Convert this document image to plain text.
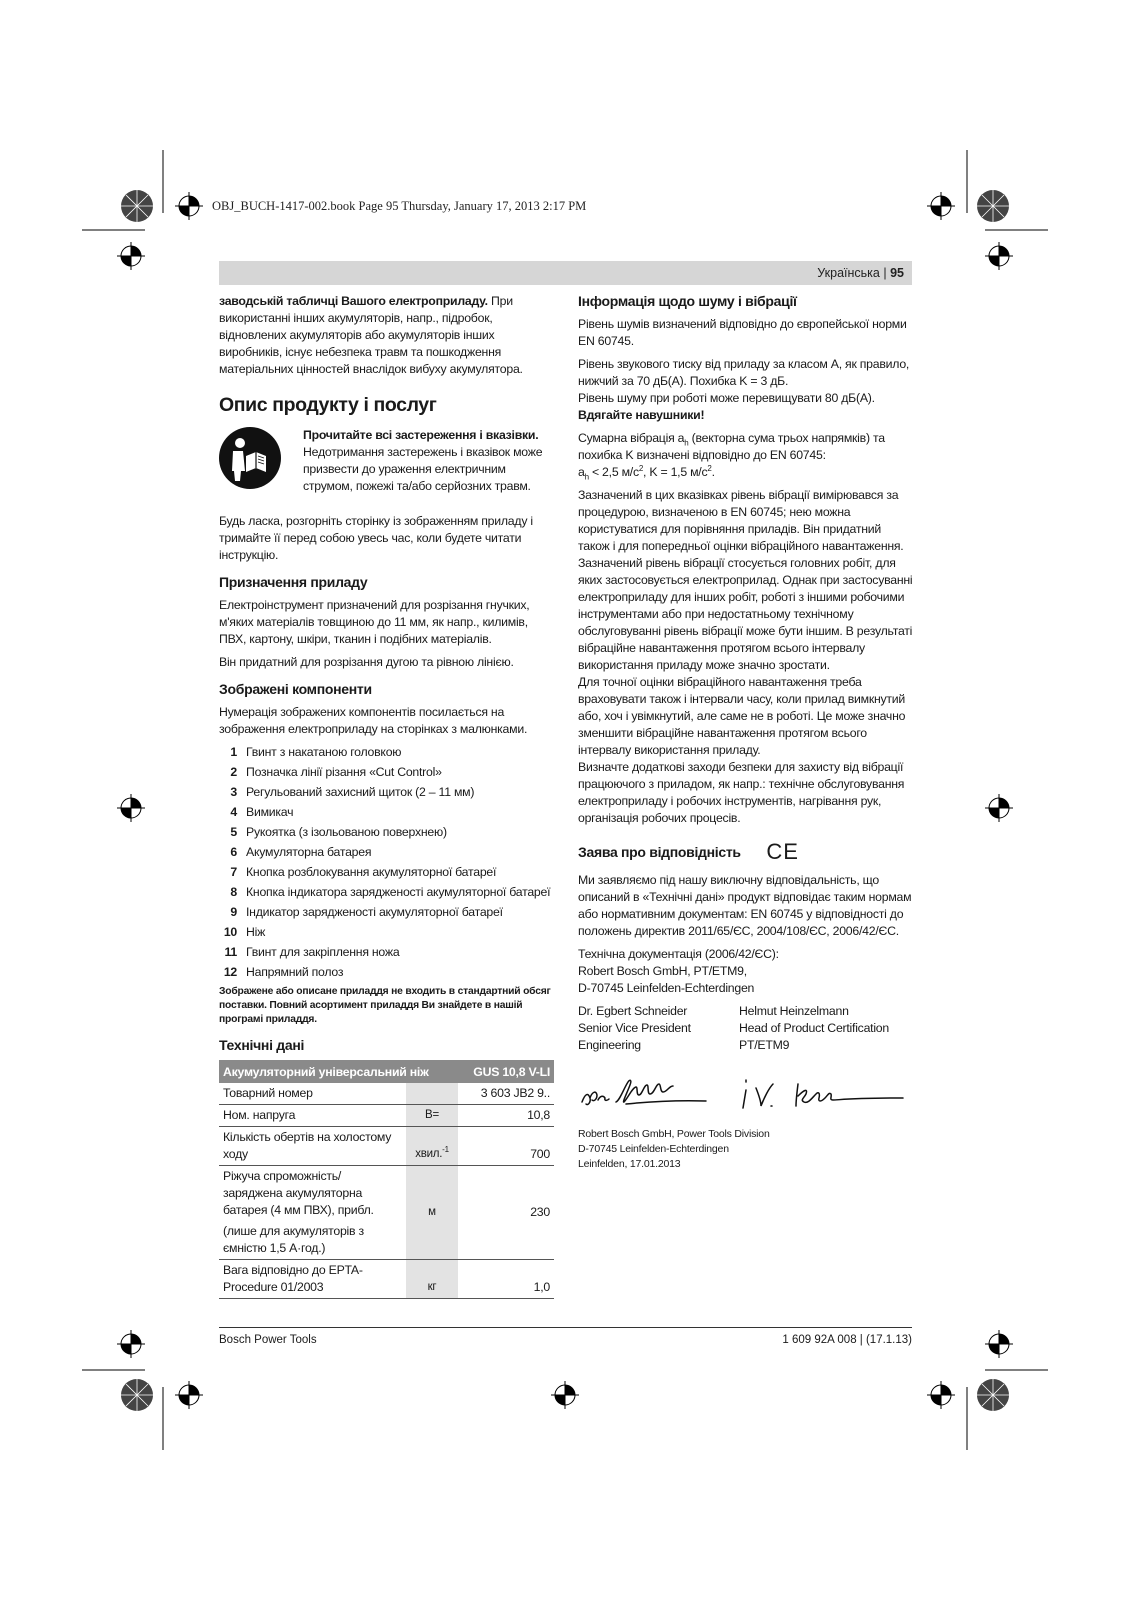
OBJ_BUCH-1417-002.book Page 95 Thursday, January 17, 2013 2:17 PM
Українська | 95

заводській табличці Вашого електроприладу. При використанні інших акумуляторів, напр., підробок, відновлених акумуляторів або акумуляторів інших виробників, існує небезпека травм та пошкодження матеріальних цінностей внаслідок вибуху акумулятора.

Опис продукту і послуг
Прочитайте всі застереження і вказівки. Недотримання застережень і вказівок може призвести до ураження електричним струмом, пожежі та/або серйозних травм.

Будь ласка, розгорніть сторінку із зображенням приладу і тримайте її перед собою увесь час, коли будете читати інструкцію.

Призначення приладу

Електроінструмент призначений для розрізання гнучких, м'яких матеріалів товщиною до 11 мм, як напр., килимів, ПВХ, картону, шкіри, тканин і подібних матеріалів.

Він придатний для розрізання дугою та рівною лінією.

Зображені компоненти

Нумерація зображених компонентів посилається на зображення електроприладу на сторінках з малюнками.

1 Гвинт з накатаною головкою
2 Позначка лінії різання «Cut Control»
3 Регульований захисний щиток (2 – 11 мм)
4 Вимикач
5 Рукоятка (з ізольованою поверхнею)
6 Акумуляторна батарея
7 Кнопка розблокування акумуляторної батареї
8 Кнопка індикатора зарядженості акумуляторної батареї
9 Індикатор зарядженості акумуляторної батареї
10 Ніж
11 Гвинт для закріплення ножа
12 Напрямний полоз
Зображене або описане приладдя не входить в стандартний обсяг поставки. Повний асортимент приладдя Ви знайдете в нашій програмі приладдя.
Технічні дані
Акумуляторний універсальний ніж		GUS 10,8 V-LI
Товарний номер		3 603 JB2 9..
Ном. напруга	В=	10,8
Кількість обертів на холостому ходу	хвил.$^{-1}$	700

Ріжуча спроможність/ заряджена акумуляторна батарея (4 мм ПВХ), прибл.
(лише для акумуляторів з ємністю 1,5 А·год.)	м	230
Вага відповідно до EPTA-Procedure 01/2003	кг	1,0
Інформація щодо шуму і вібрації

Рівень шумів визначений відповідно до європейської норми EN 60745.

Рівень звукового тиску від приладу за класом А, як правило, нижчий за 70 дБ(A). Похибка K = 3 дБ.
Рівень шуму при роботі може перевищувати 80 дБ(A).
Вдягайте навушники!
Сумарна вібрація $a_h$ (векторна сума трьох напрямків) та похибка K визначені відповідно до EN 60745:
$a_h < 2,5$ $м/с^2$, K = 1,5 $м/с^2$.
Зазначений в цих вказівках рівень вібрації вимірювався за процедурою, визначеною в EN 60745; нею можна користуватися для порівняння приладів. Він придатний також і для попередньої оцінки вібраційного навантаження.
Зазначений рівень вібрації стосується головних робіт, для яких застосовується електроприлад. Однак при застосуванні електроприладу для інших робіт, роботі з іншими робочими інструментами або при недостатньому технічному обслуговуванні рівень вібрації може бути іншим. В результаті вібраційне навантаження протягом всього інтервалу використання приладу може значно зростати.
Для точної оцінки вібраційного навантаження треба враховувати також і інтервали часу, коли прилад вимкнутий або, хоч і увімкнутий, але саме не в роботі. Це може значно зменшити вібраційне навантаження протягом всього інтервалу використання приладу.
Визначте додаткові заходи безпеки для захисту від вібрації працюючого з приладом, як напр.: технічне обслуговування електроприладу і робочих інструментів, нагрівання рук, організація робочих процесів.
Заява про відповідність CE

Ми заявляємо під нашу виключну відповідальність, що описаний в «Технічні дані» продукт відповідає таким нормам або нормативним документам: EN 60745 у відповідності до положень директив 2011/65/ЄС, 2004/108/ЄС, 2006/42/ЄС.

Технічна документація (2006/42/ЄС):
Robert Bosch GmbH, PT/ETM9,
D-70745 Leinfelden-Echterdingen
Dr. Egbert Schneider
Senior Vice President
Engineering
Helmut Heinzelmann
Head of Product Certification
PT/ETM9
Robert Bosch GmbH, Power Tools Division
D-70745 Leinfelden-Echterdingen
Leinfelden, 17.01.2013
Bosch Power Tools	1 609 92A 008 | (17.1.13)
